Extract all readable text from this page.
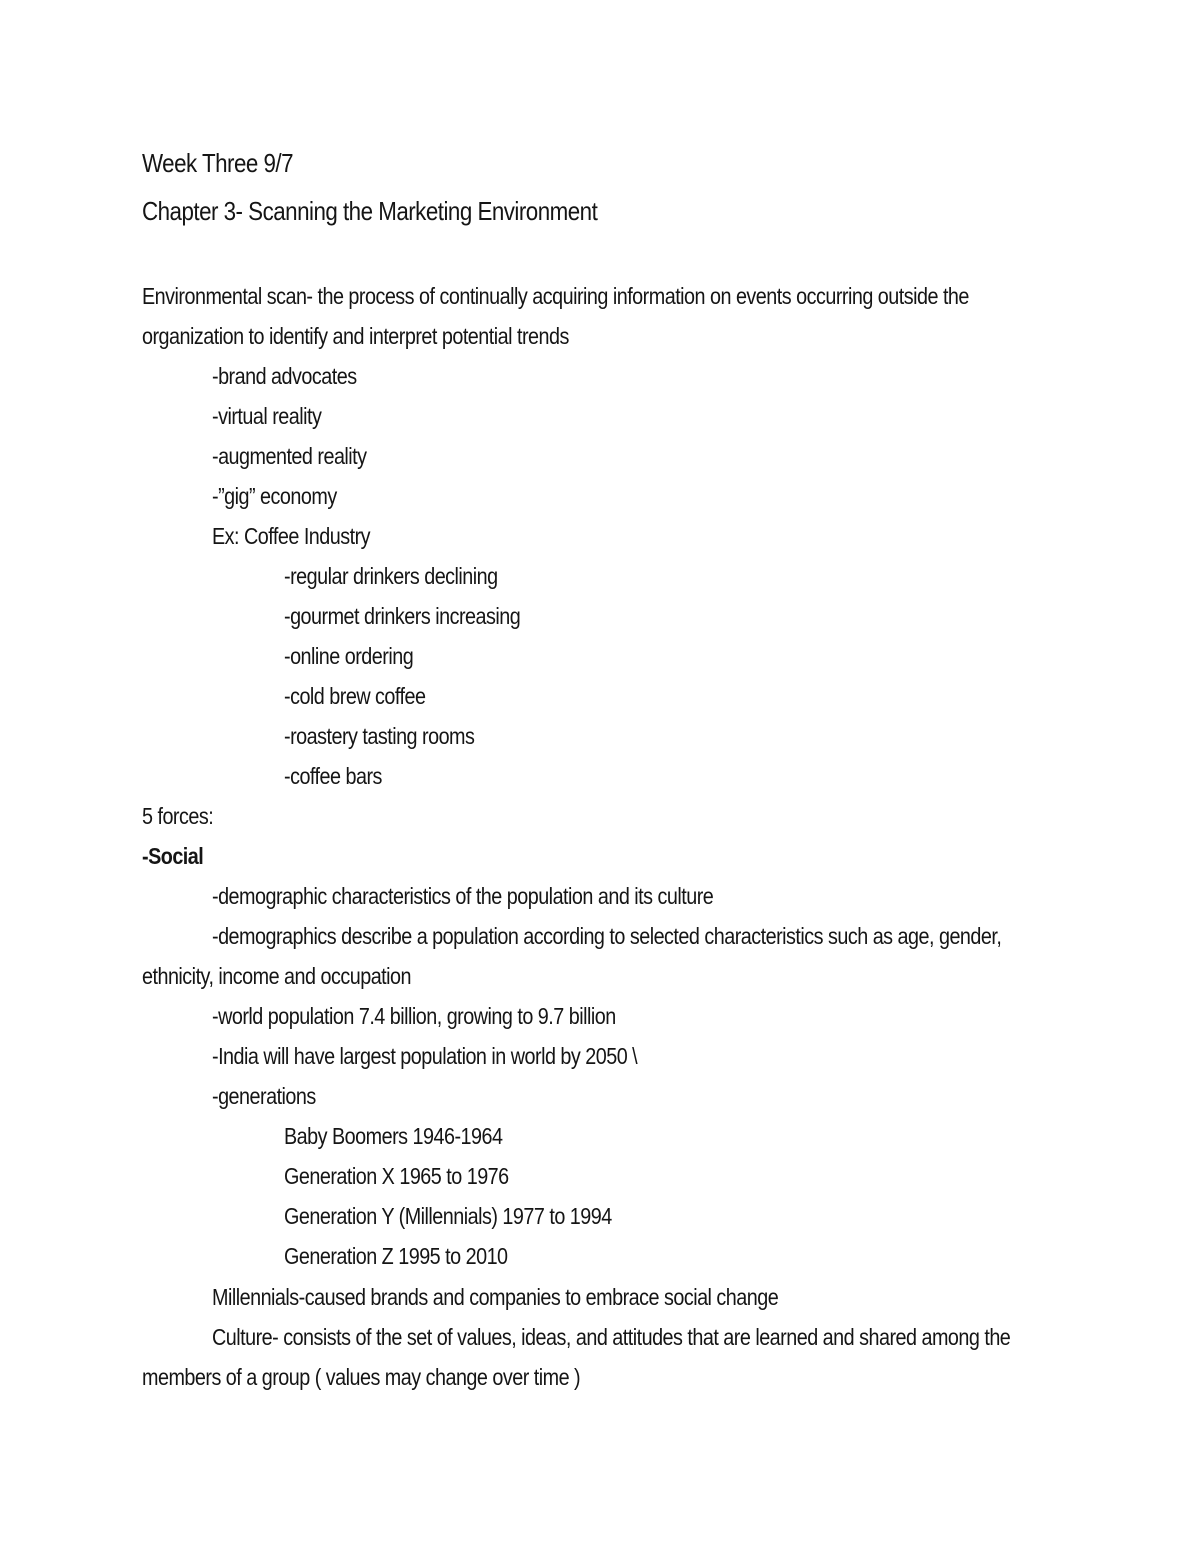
Week Three 9/7
Chapter 3- Scanning the Marketing Environment
Environmental scan- the process of continually acquiring information on events occurring outside the
organization to identify and interpret potential trends
-brand advocates
-virtual reality
-augmented reality
-”gig” economy
Ex: Coffee Industry
-regular drinkers declining
-gourmet drinkers increasing
-online ordering
-cold brew coffee
-roastery tasting rooms
-coffee bars
5 forces:
-Social
-demographic characteristics of the population and its culture
-demographics describe a population according to selected characteristics such as age, gender,
ethnicity, income and occupation
-world population 7.4 billion, growing to 9.7 billion
-India will have largest population in world by 2050 \
-generations
Baby Boomers 1946-1964
Generation X 1965 to 1976
Generation Y (Millennials) 1977 to 1994
Generation Z 1995 to 2010
Millennials-caused brands and companies to embrace social change
Culture- consists of the set of values, ideas, and attitudes that are learned and shared among the
members of a group ( values may change over time )
